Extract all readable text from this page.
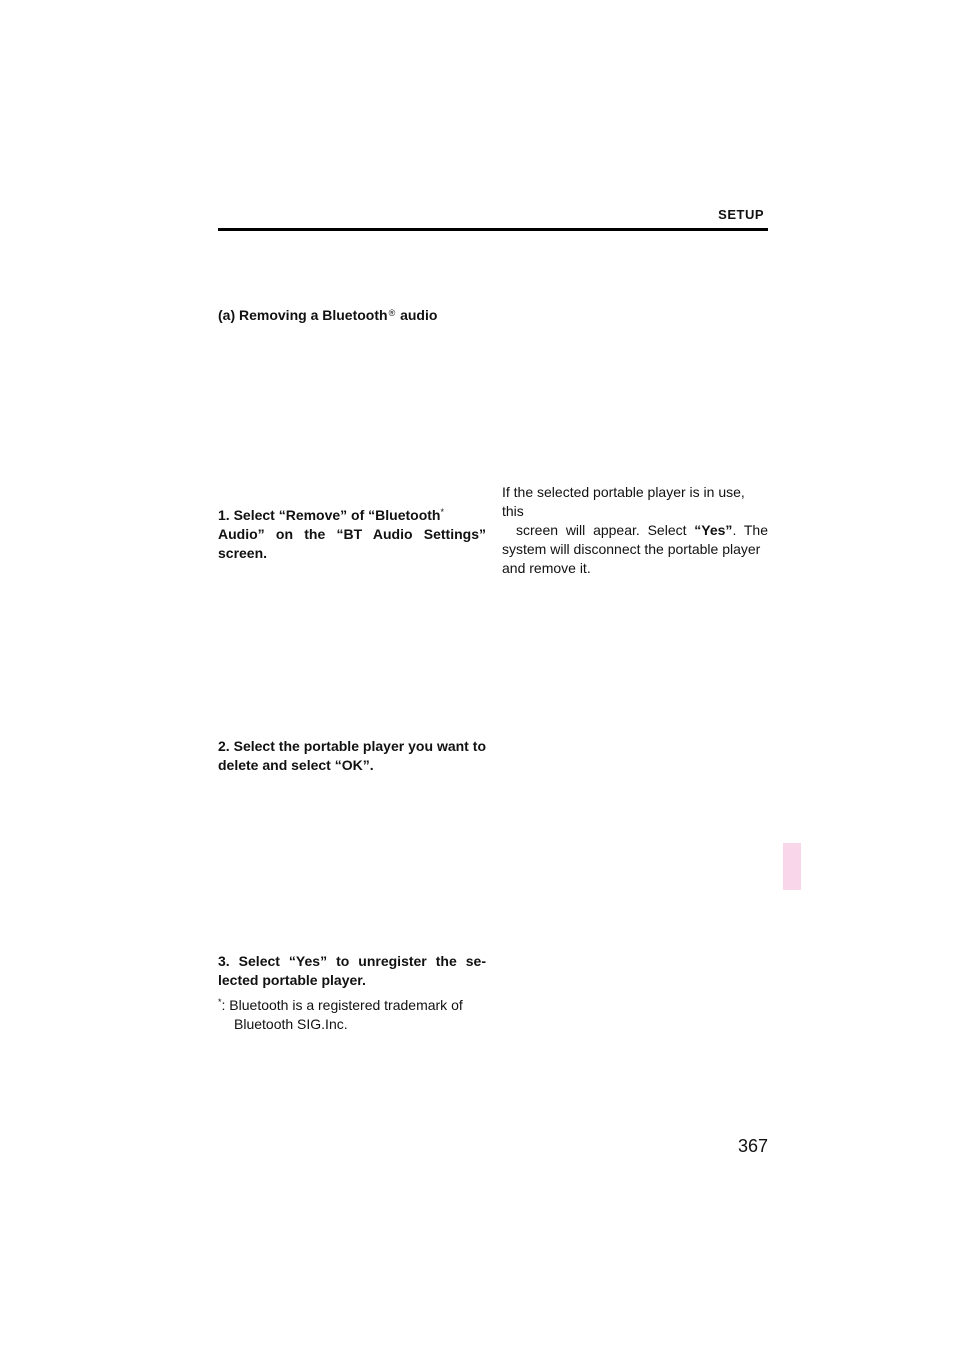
SETUP
(a) Removing a Bluetooth® audio
1. Select “Remove” of “Bluetooth*
Audio” on the “BT Audio Settings” screen.
2. Select the portable player you want to delete and select “OK”.
3. Select “Yes” to unregister the se-lected portable player.
*: Bluetooth is a registered trademark of
Bluetooth SIG.Inc.
If the selected portable player is in use, this

screen will appear. Select “Yes”. The
system will disconnect the portable player
and remove it.
367
